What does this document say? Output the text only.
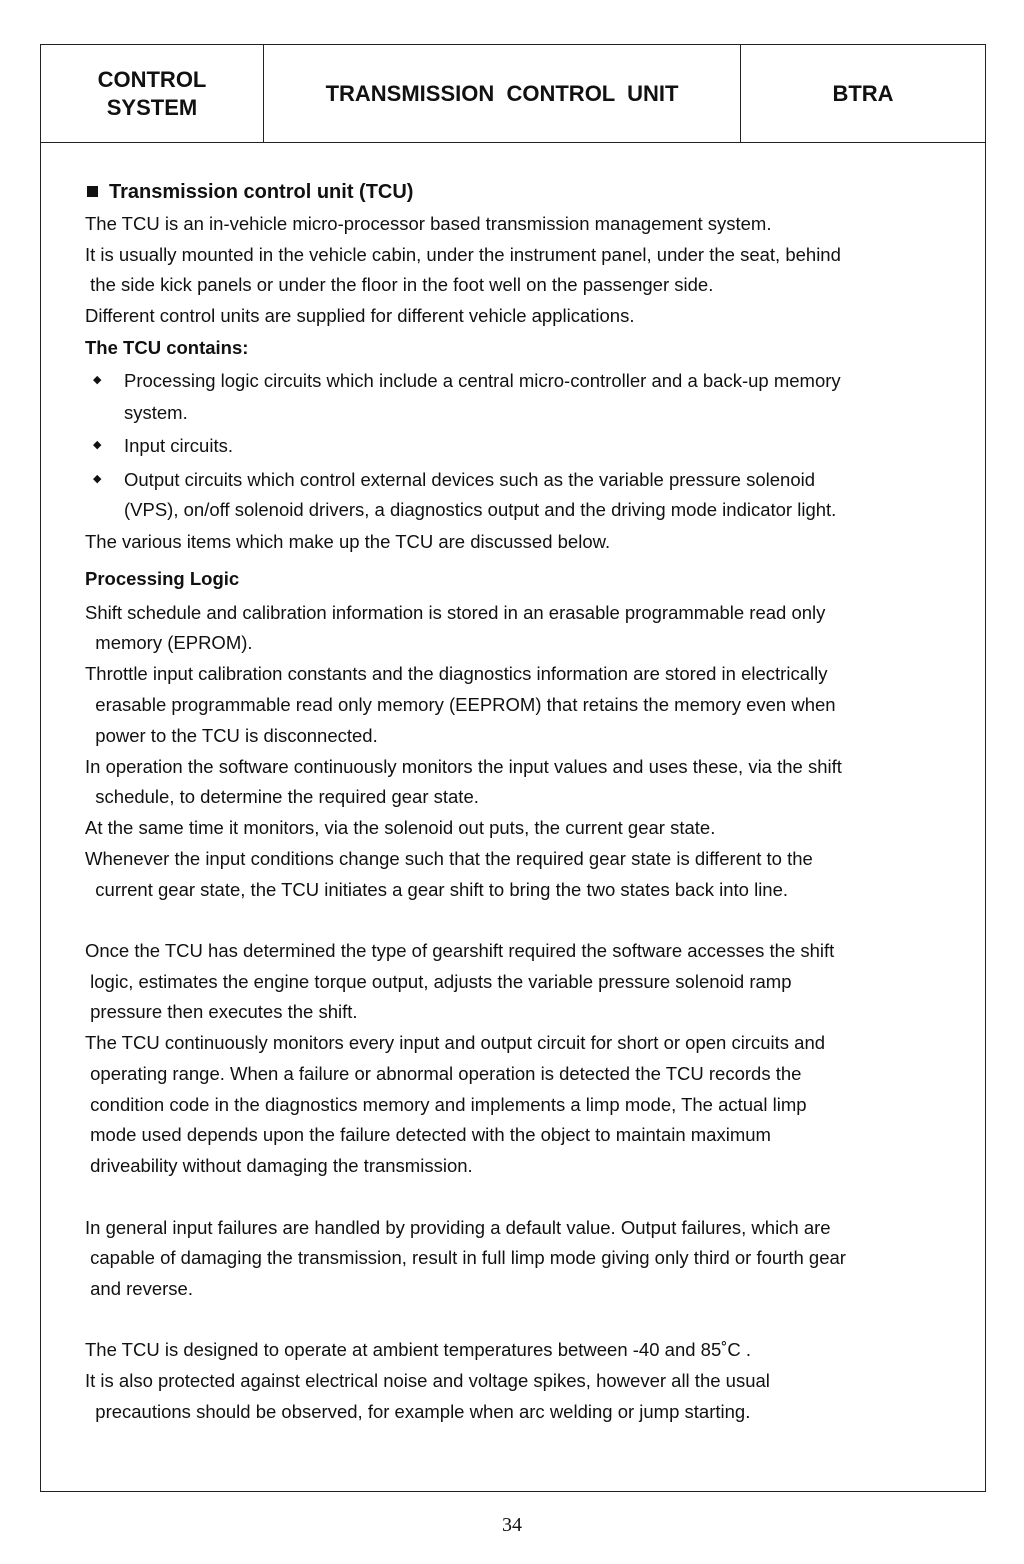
CONTROL
SYSTEM
TRANSMISSION  CONTROL  UNIT	BTRA
Transmission control unit (TCU)
The TCU is an in-vehicle micro-processor based transmission management system.
It is usually mounted in the vehicle cabin, under the instrument panel, under the seat, behind
the side kick panels or under the floor in the foot well on the passenger side.
Different control units are supplied for different vehicle applications.
The TCU contains:
◆ Processing logic circuits which include a central micro-controller and a back-up memory
system.
◆ Input circuits.
◆ Output circuits which control external devices such as the variable pressure solenoid
(VPS), on/off solenoid drivers, a diagnostics output and the driving mode indicator light.
The various items which make up the TCU are discussed below.
Processing Logic
Shift schedule and calibration information is stored in an erasable programmable read only
memory (EPROM).
Throttle input calibration constants and the diagnostics information are stored in electrically
erasable programmable read only memory (EEPROM) that retains the memory even when
power to the TCU is disconnected.
In operation the software continuously monitors the input values and uses these, via the shift
schedule, to determine the required gear state.
At the same time it monitors, via the solenoid out puts, the current gear state.
Whenever the input conditions change such that the required gear state is different to the
current gear state, the TCU initiates a gear shift to bring the two states back into line.
Once the TCU has determined the type of gearshift required the software accesses the shift
logic, estimates the engine torque output, adjusts the variable pressure solenoid ramp
pressure then executes the shift.
The TCU continuously monitors every input and output circuit for short or open circuits and
operating range. When a failure or abnormal operation is detected the TCU records the
condition code in the diagnostics memory and implements a limp mode, The actual limp
mode used depends upon the failure detected with the object to maintain maximum
driveability without damaging the transmission.
In general input failures are handled by providing a default value. Output failures, which are
capable of damaging the transmission, result in full limp mode giving only third or fourth gear
and reverse.
The TCU is designed to operate at ambient temperatures between -40 and 85˚C .
It is also protected against electrical noise and voltage spikes, however all the usual
precautions should be observed, for example when arc welding or jump starting.
34
